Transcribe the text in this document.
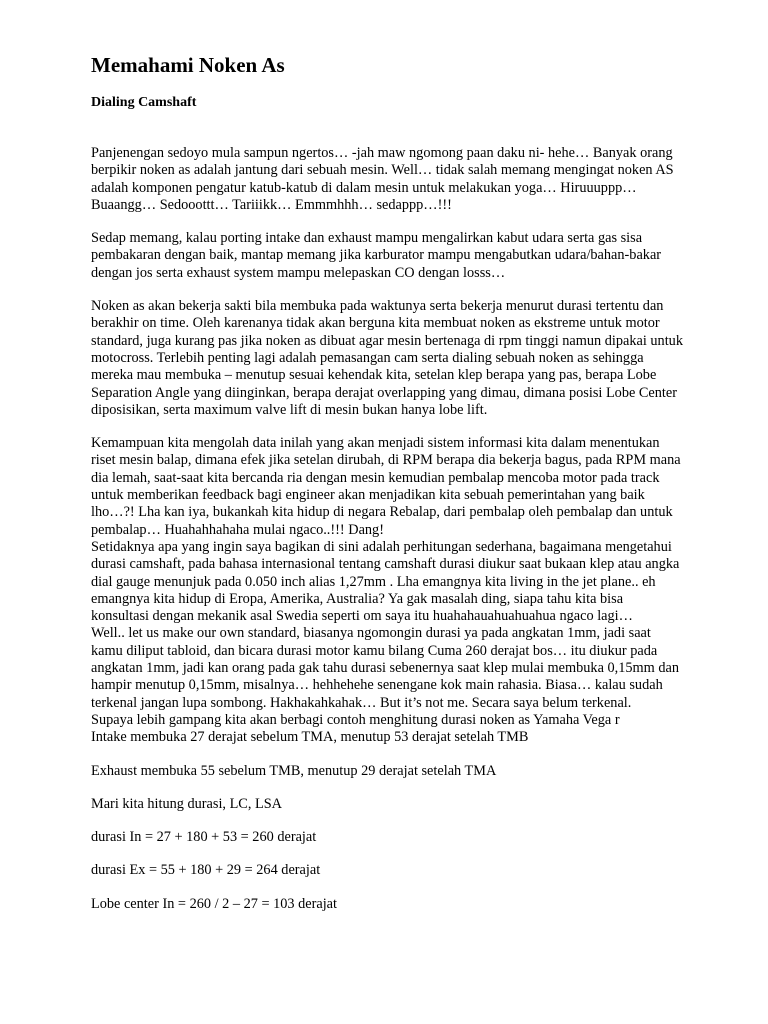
Memahami Noken As
Dialing Camshaft

Panjenengan sedoyo mula sampun ngertos… -jah maw ngomong paan daku ni- hehe… Banyak orang
berpikir noken as adalah jantung dari sebuah mesin. Well… tidak salah memang mengingat noken AS
adalah komponen pengatur katub-katub di dalam mesin untuk melakukan yoga… Hiruuuppp…
Buaangg… Sedooottt… Tariiikk… Emmmhhh… sedappp…!!!

Sedap memang, kalau porting intake dan exhaust mampu mengalirkan kabut udara serta gas sisa
pembakaran dengan baik, mantap memang jika karburator mampu mengabutkan udara/bahan-bakar
dengan jos serta exhaust system mampu melepaskan CO dengan losss…

Noken as akan bekerja sakti bila membuka pada waktunya serta bekerja menurut durasi tertentu dan
berakhir on time. Oleh karenanya tidak akan berguna kita membuat noken as ekstreme untuk motor
standard, juga kurang pas jika noken as dibuat agar mesin bertenaga di rpm tinggi namun dipakai untuk
motocross. Terlebih penting lagi adalah pemasangan cam serta dialing sebuah noken as sehingga
mereka mau membuka – menutup sesuai kehendak kita, setelan klep berapa yang pas, berapa Lobe
Separation Angle yang diinginkan, berapa derajat overlapping yang dimau, dimana posisi Lobe Center
diposisikan, serta maximum valve lift di mesin bukan hanya lobe lift.

Kemampuan kita mengolah data inilah yang akan menjadi sistem informasi kita dalam menentukan
riset mesin balap, dimana efek jika setelan dirubah, di RPM berapa dia bekerja bagus, pada RPM mana
dia lemah, saat-saat kita bercanda ria dengan mesin kemudian pembalap mencoba motor pada track
untuk memberikan feedback bagi engineer akan menjadikan kita sebuah pemerintahan yang baik
lho…?! Lha kan iya, bukankah kita hidup di negara Rebalap, dari pembalap oleh pembalap dan untuk
pembalap… Huahahhahaha mulai ngaco..!!! Dang!
Setidaknya apa yang ingin saya bagikan di sini adalah perhitungan sederhana, bagaimana mengetahui
durasi camshaft, pada bahasa internasional tentang camshaft durasi diukur saat bukaan klep atau angka
dial gauge menunjuk pada 0.050 inch alias 1,27mm . Lha emangnya kita living in the jet plane.. eh
emangnya kita hidup di Eropa, Amerika, Australia? Ya gak masalah ding, siapa tahu kita bisa
konsultasi dengan mekanik asal Swedia seperti om saya itu huahahauahuahuahua ngaco lagi…
Well.. let us make our own standard, biasanya ngomongin durasi ya pada angkatan 1mm, jadi saat
kamu diliput tabloid, dan bicara durasi motor kamu bilang Cuma 260 derajat bos… itu diukur pada
angkatan 1mm, jadi kan orang pada gak tahu durasi sebenernya saat klep mulai membuka 0,15mm dan
hampir menutup 0,15mm, misalnya… hehhehehe senengane kok main rahasia. Biasa… kalau sudah
terkenal jangan lupa sombong. Hakhakahkahak… But it’s not me. Secara saya belum terkenal.
Supaya lebih gampang kita akan berbagi contoh menghitung durasi noken as Yamaha Vega r
Intake membuka 27 derajat sebelum TMA, menutup 53 derajat setelah TMB

Exhaust membuka 55 sebelum TMB, menutup 29 derajat setelah TMA

Mari kita hitung durasi, LC, LSA

durasi In = 27 + 180 + 53 = 260 derajat

durasi Ex = 55 + 180 + 29 = 264 derajat

Lobe center In = 260 / 2 – 27 = 103 derajat
